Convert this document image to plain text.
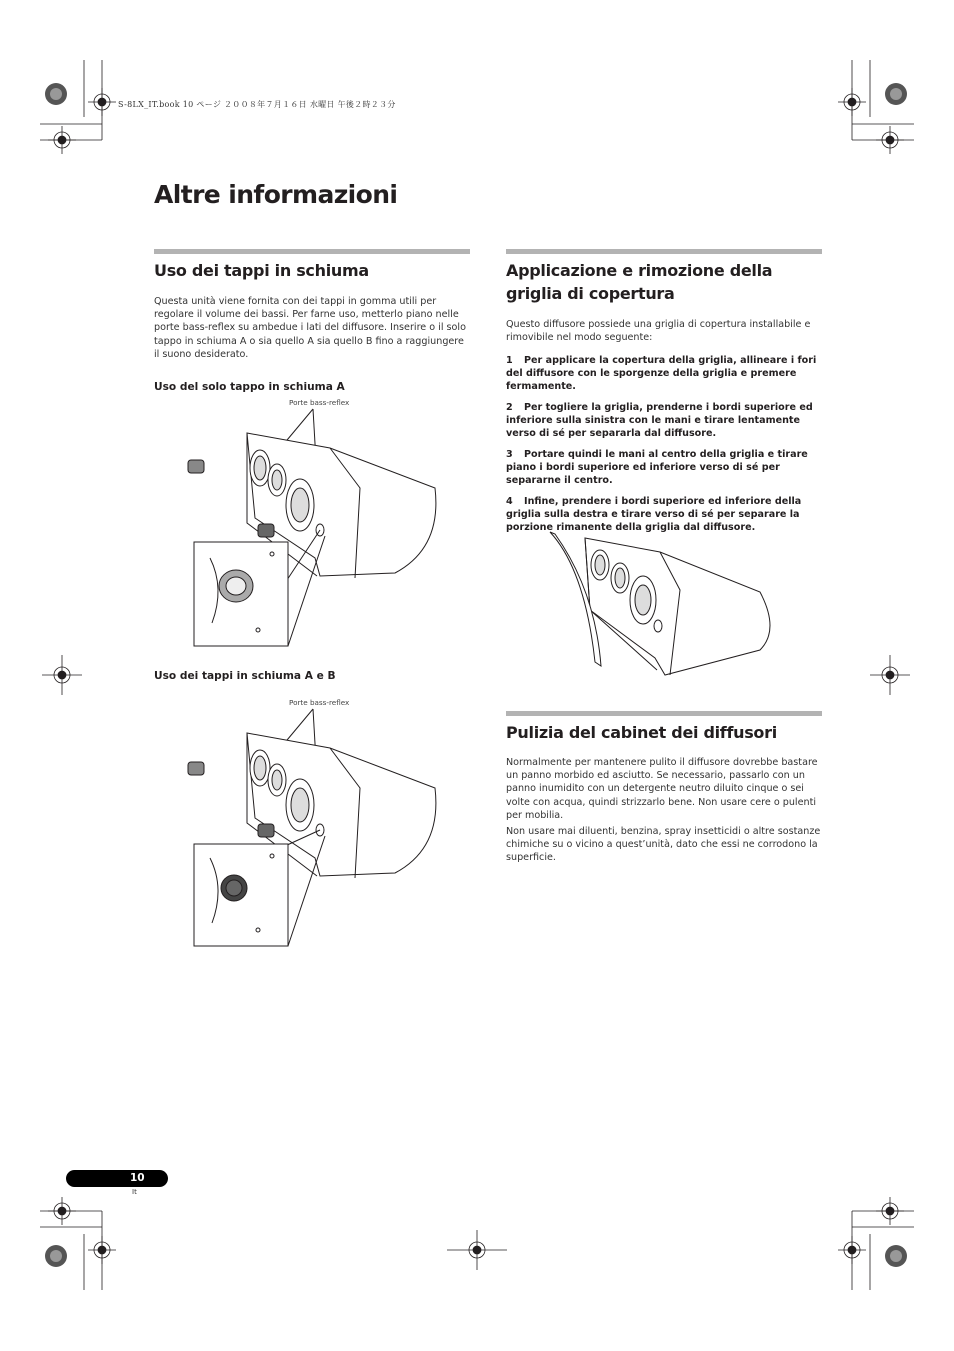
S-8LX_IT.book 10 ページ ２００８年７月１６日 水曜日 午後２時２３分
Altre informazioni
Uso dei tappi in schiuma

Questa unità viene fornita con dei tappi in gomma utili per regolare il volume dei bassi. Per farne uso, metterlo piano nelle porte bass-reflex su ambedue i lati del diffusore. Inserire o il solo tappo in schiuma A o sia quello A sia quello B fino a raggiungere il suono desiderato.

Uso del solo tappo in schiuma A
Porte bass-reflex
Uso dei tappi in schiuma A e B
Porte bass-reflex
Applicazione e rimozione della
griglia di copertura

Questo diffusore possiede una griglia di copertura installabile e rimovibile nel modo seguente:

1 Per applicare la copertura della griglia, allineare i fori del diffusore con le sporgenze della griglia e premere fermamente.

2 Per togliere la griglia, prenderne i bordi superiore ed inferiore sulla sinistra con le mani e tirare lentamente verso di sé per separarla dal diffusore.

3 Portare quindi le mani al centro della griglia e tirare piano i bordi superiore ed inferiore verso di sé per separarne il centro.

4 Infine, prendere i bordi superiore ed inferiore della griglia sulla destra e tirare verso di sé per separare la porzione rimanente della griglia dal diffusore.

Pulizia del cabinet dei diffusori

Normalmente per mantenere pulito il diffusore dovrebbe bastare un panno morbido ed asciutto. Se necessario, passarlo con un panno inumidito con un detergente neutro diluito cinque o sei volte con acqua, quindi strizzarlo bene. Non usare cere o pulenti per mobilia.

Non usare mai diluenti, benzina, spray insetticidi o altre sostanze chimiche su o vicino a quest’unità, dato che essi ne corrodono la superficie.

10
It
